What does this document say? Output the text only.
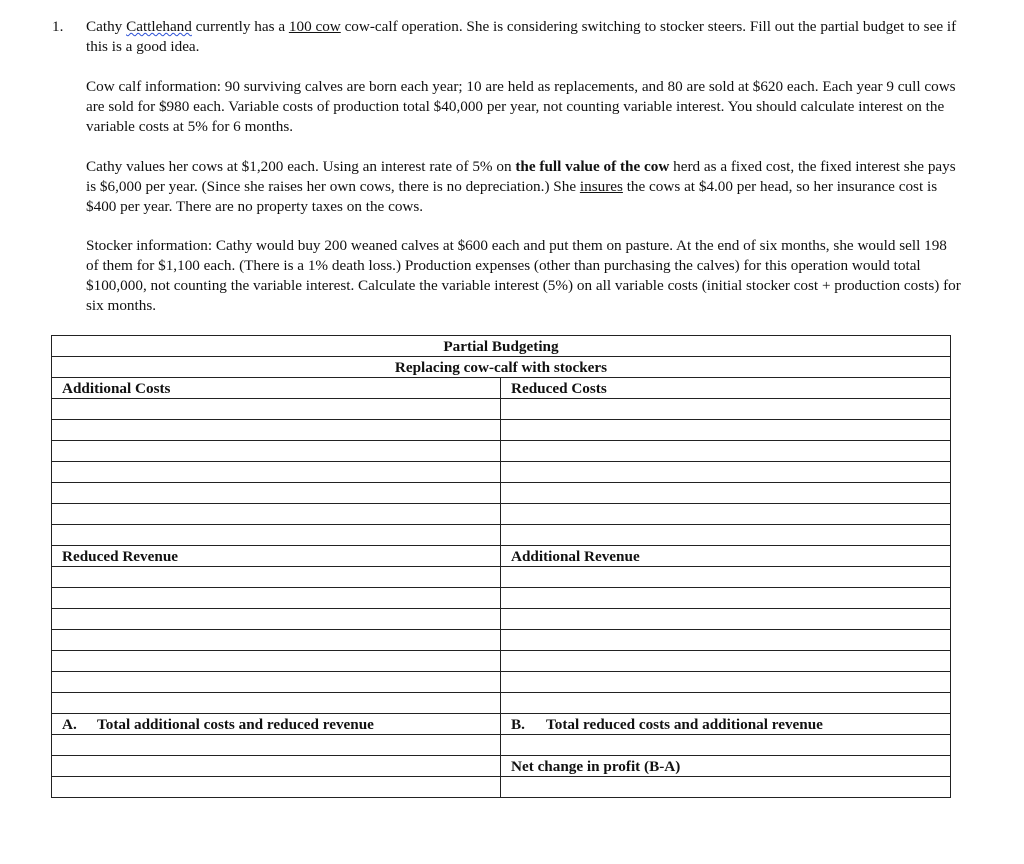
1. Cathy Cattlehand currently has a 100 cow cow-calf operation. She is considering switching to stocker steers. Fill out the partial budget to see if this is a good idea.
Cow calf information: 90 surviving calves are born each year; 10 are held as replacements, and 80 are sold at $620 each. Each year 9 cull cows are sold for $980 each. Variable costs of production total $40,000 per year, not counting variable interest. You should calculate interest on the variable costs at 5% for 6 months.
Cathy values her cows at $1,200 each. Using an interest rate of 5% on the full value of the cow herd as a fixed cost, the fixed interest she pays is $6,000 per year. (Since she raises her own cows, there is no depreciation.) She insures the cows at $4.00 per head, so her insurance cost is $400 per year. There are no property taxes on the cows.
Stocker information: Cathy would buy 200 weaned calves at $600 each and put them on pasture. At the end of six months, she would sell 198 of them for $1,100 each. (There is a 1% death loss.) Production expenses (other than purchasing the calves) for this operation would total $100,000, not counting the variable interest. Calculate the variable interest (5%) on all variable costs (initial stocker cost + production costs) for six months.
Partial Budgeting	
Replacing cow-calf with stockers	
Additional Costs	Reduced Costs

Reduced Revenue	Additional Revenue

A. Total additional costs and reduced revenue	B. Total reduced costs and additional revenue

	Net change in profit (B-A)
